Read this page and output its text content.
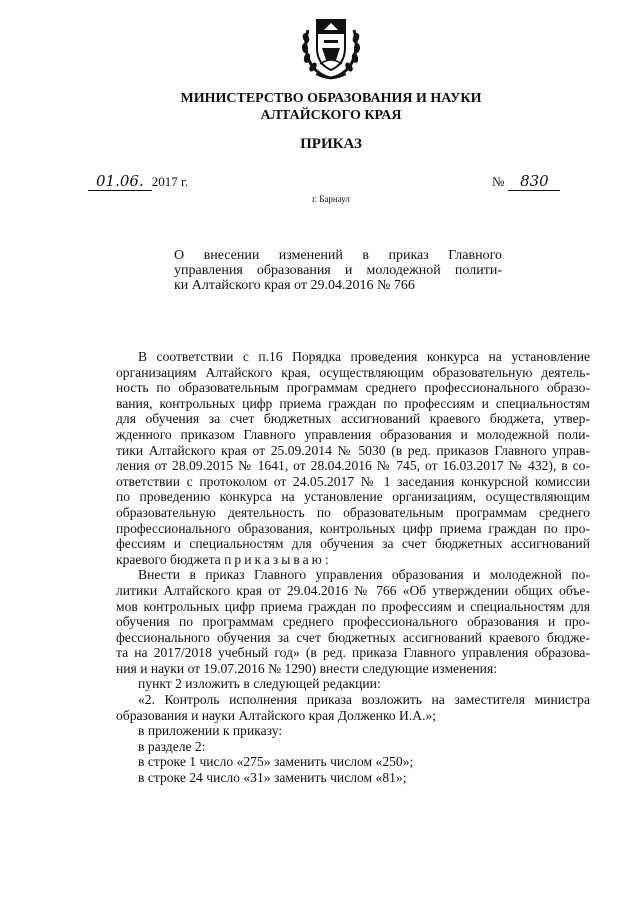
МИНИСТЕРСТВО ОБРАЗОВАНИЯ И НАУКИ
АЛТАЙСКОГО КРАЯ
ПРИКАЗ
01.06. 2017 г.	№ 830
г. Барнаул
О внесении изменений в приказ Главного
управления образования и молодежной полити-
ки Алтайского края от 29.04.2016 № 766
В соответствии с п.16 Порядка проведения конкурса на установление
организациям Алтайского края, осуществляющим образовательную деятель-
ность по образовательным программам среднего профессионального образо-
вания, контрольных цифр приема граждан по профессиям и специальностям
для обучения за счет бюджетных ассигнований краевого бюджета, утвер-
жденного приказом Главного управления образования и молодежной поли-
тики Алтайского края от 25.09.2014 № 5030 (в ред. приказов Главного управ-
ления от 28.09.2015 № 1641, от 28.04.2016 № 745, от 16.03.2017 № 432), в со-
ответствии с протоколом от 24.05.2017 № 1 заседания конкурсной комиссии
по проведению конкурса на установление организациям, осуществляющим
образовательную деятельность по образовательным программам среднего
профессионального образования, контрольных цифр приема граждан по про-
фессиям и специальностям для обучения за счет бюджетных ассигнований
краевого бюджета приказываю:
Внести в приказ Главного управления образования и молодежной по-
литики Алтайского края от 29.04.2016 № 766 «Об утверждении общих объе-
мов контрольных цифр приема граждан по профессиям и специальностям для
обучения по программам среднего профессионального образования и про-
фессионального обучения за счет бюджетных ассигнований краевого бюдже-
та на 2017/2018 учебный год» (в ред. приказа Главного управления образова-
ния и науки от 19.07.2016 № 1290) внести следующие изменения:
пункт 2 изложить в следующей редакции:
«2. Контроль исполнения приказа возложить на заместителя министра
образования и науки Алтайского края Долженко И.А.»;
в приложении к приказу:
в разделе 2:
в строке 1 число «275» заменить числом «250»;
в строке 24 число «31» заменить числом «81»;
